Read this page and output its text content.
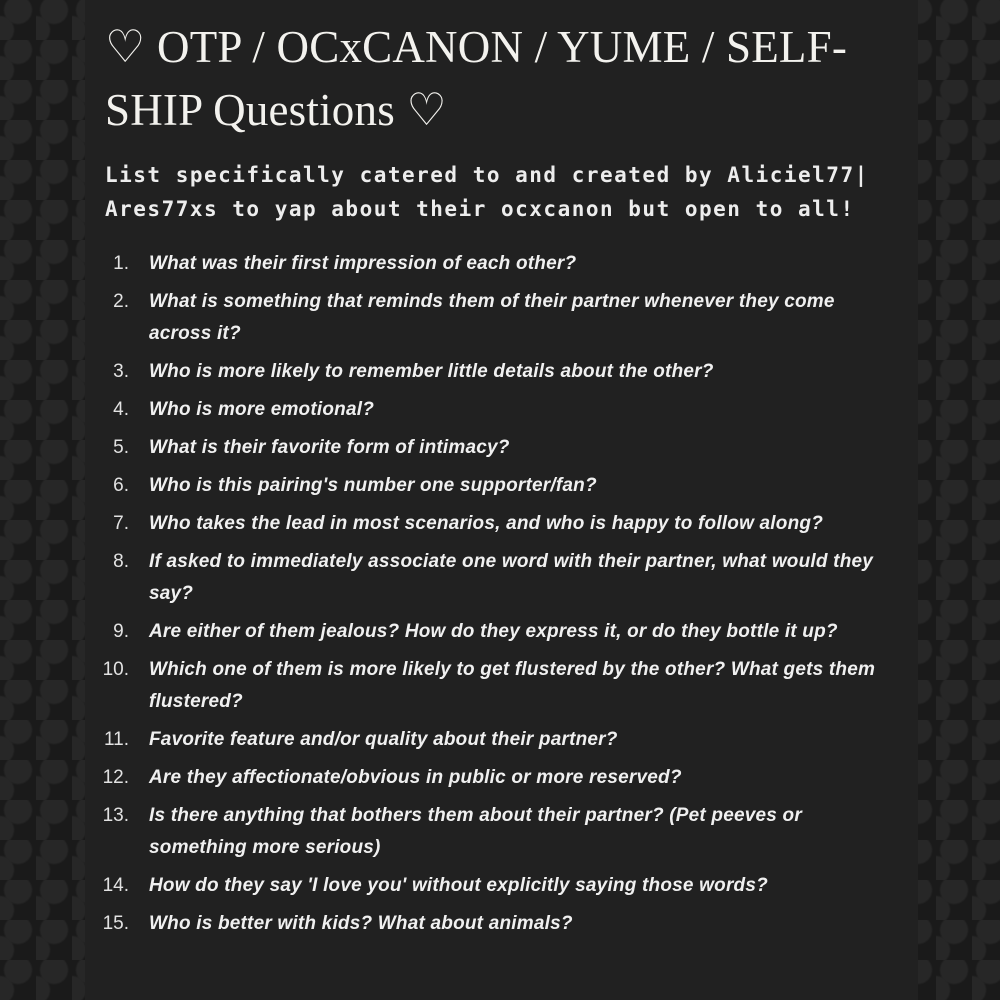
♡ OTP / OCxCANON / YUME / SELF-SHIP Questions ♡

List specifically catered to and created by Aliciel77|
Ares77xs to yap about their ocxcanon but open to all!

1. What was their first impression of each other?
2. What is something that reminds them of their partner whenever they come across it?
3. Who is more likely to remember little details about the other?
4. Who is more emotional?
5. What is their favorite form of intimacy?
6. Who is this pairing's number one supporter/fan?
7. Who takes the lead in most scenarios, and who is happy to follow along?
8. If asked to immediately associate one word with their partner, what would they say?
9. Are either of them jealous? How do they express it, or do they bottle it up?
10. Which one of them is more likely to get flustered by the other? What gets them flustered?
11. Favorite feature and/or quality about their partner?
12. Are they affectionate/obvious in public or more reserved?
13. Is there anything that bothers them about their partner? (Pet peeves or something more serious)
14. How do they say 'I love you' without explicitly saying those words?
15. Who is better with kids? What about animals?
